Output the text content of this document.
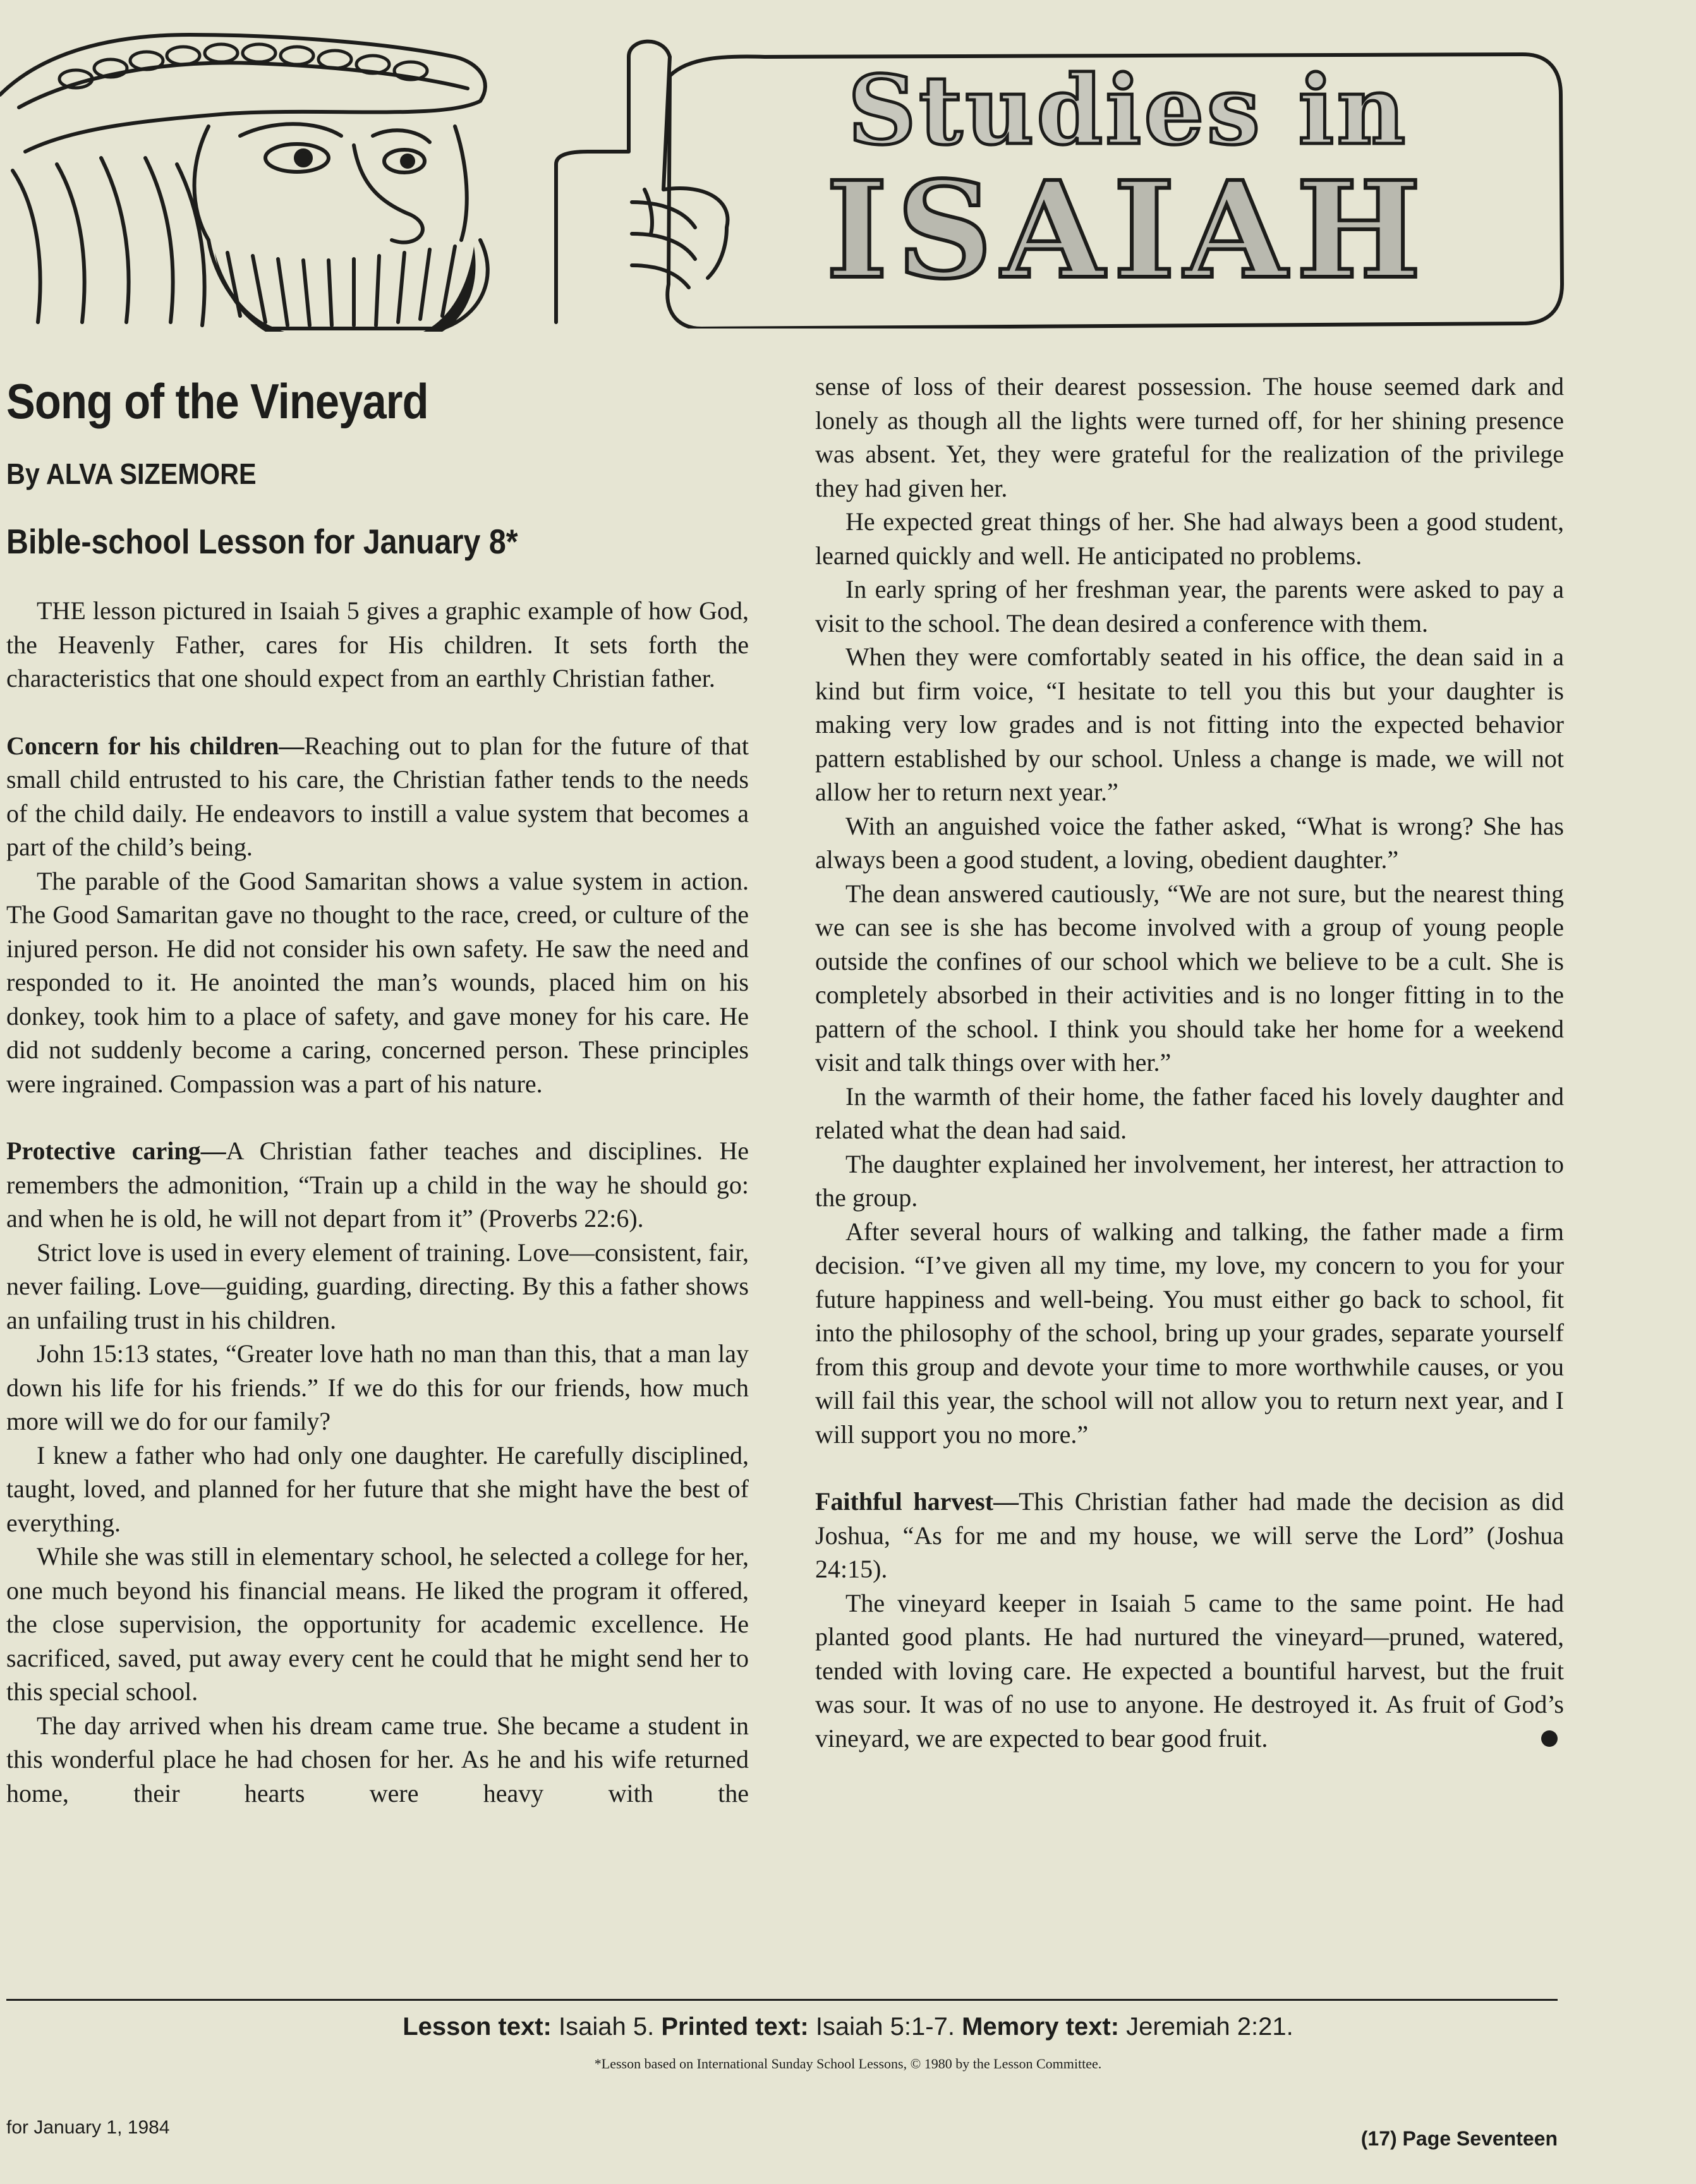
Studies in
ISAIAH
Song of the Vineyard
By ALVA SIZEMORE
Bible-school Lesson for January 8*

THE lesson pictured in Isaiah 5 gives a graphic example of how God, the Heavenly Father, cares for His children. It sets forth the characteristics that one should expect from an earthly Christian father.

Concern for his children—Reaching out to plan for the future of that small child entrusted to his care, the Christian father tends to the needs of the child daily. He endeavors to instill a value system that becomes a part of the child’s being.

The parable of the Good Samaritan shows a value system in action. The Good Samaritan gave no thought to the race, creed, or culture of the injured person. He did not consider his own safety. He saw the need and responded to it. He anointed the man’s wounds, placed him on his donkey, took him to a place of safety, and gave money for his care. He did not suddenly become a caring, concerned person. These principles were ingrained. Compassion was a part of his nature.

Protective caring—A Christian father teaches and disciplines. He remembers the admonition, “Train up a child in the way he should go: and when he is old, he will not depart from it” (Proverbs 22:6).

Strict love is used in every element of training. Love—consistent, fair, never failing. Love—guiding, guarding, directing. By this a father shows an unfailing trust in his children.

John 15:13 states, “Greater love hath no man than this, that a man lay down his life for his friends.” If we do this for our friends, how much more will we do for our family?

I knew a father who had only one daughter. He carefully disciplined, taught, loved, and planned for her future that she might have the best of everything.

While she was still in elementary school, he selected a college for her, one much beyond his financial means. He liked the program it offered, the close supervision, the opportunity for academic excellence. He sacrificed, saved, put away every cent he could that he might send her to this special school.

The day arrived when his dream came true. She became a student in this wonderful place he had chosen for her. As he and his wife returned home, their hearts were heavy with the

sense of loss of their dearest possession. The house seemed dark and lonely as though all the lights were turned off, for her shining presence was absent. Yet, they were grateful for the realization of the privilege they had given her.

He expected great things of her. She had always been a good student, learned quickly and well. He anticipated no problems.

In early spring of her freshman year, the parents were asked to pay a visit to the school. The dean desired a conference with them.

When they were comfortably seated in his office, the dean said in a kind but firm voice, “I hesitate to tell you this but your daughter is making very low grades and is not fitting into the expected behavior pattern established by our school. Unless a change is made, we will not allow her to return next year.”

With an anguished voice the father asked, “What is wrong? She has always been a good student, a loving, obedient daughter.”

The dean answered cautiously, “We are not sure, but the nearest thing we can see is she has become involved with a group of young people outside the confines of our school which we believe to be a cult. She is completely absorbed in their activities and is no longer fitting in to the pattern of the school. I think you should take her home for a weekend visit and talk things over with her.”

In the warmth of their home, the father faced his lovely daughter and related what the dean had said.

The daughter explained her involvement, her interest, her attraction to the group.

After several hours of walking and talking, the father made a firm decision. “I’ve given all my time, my love, my concern to you for your future happiness and well-being. You must either go back to school, fit into the philosophy of the school, bring up your grades, separate yourself from this group and devote your time to more worthwhile causes, or you will fail this year, the school will not allow you to return next year, and I will support you no more.”

Faithful harvest—This Christian father had made the decision as did Joshua, “As for me and my house, we will serve the Lord” (Joshua 24:15).

The vineyard keeper in Isaiah 5 came to the same point. He had planted good plants. He had nurtured the vineyard—pruned, watered, tended with loving care. He expected a bountiful harvest, but the fruit was sour. It was of no use to anyone. He destroyed it. As fruit of God’s vineyard, we are expected to bear good fruit.

Lesson text: Isaiah 5. Printed text: Isaiah 5:1-7. Memory text: Jeremiah 2:21.
*Lesson based on International Sunday School Lessons, © 1980 by the Lesson Committee.
for January 1, 1984	(17) Page Seventeen
